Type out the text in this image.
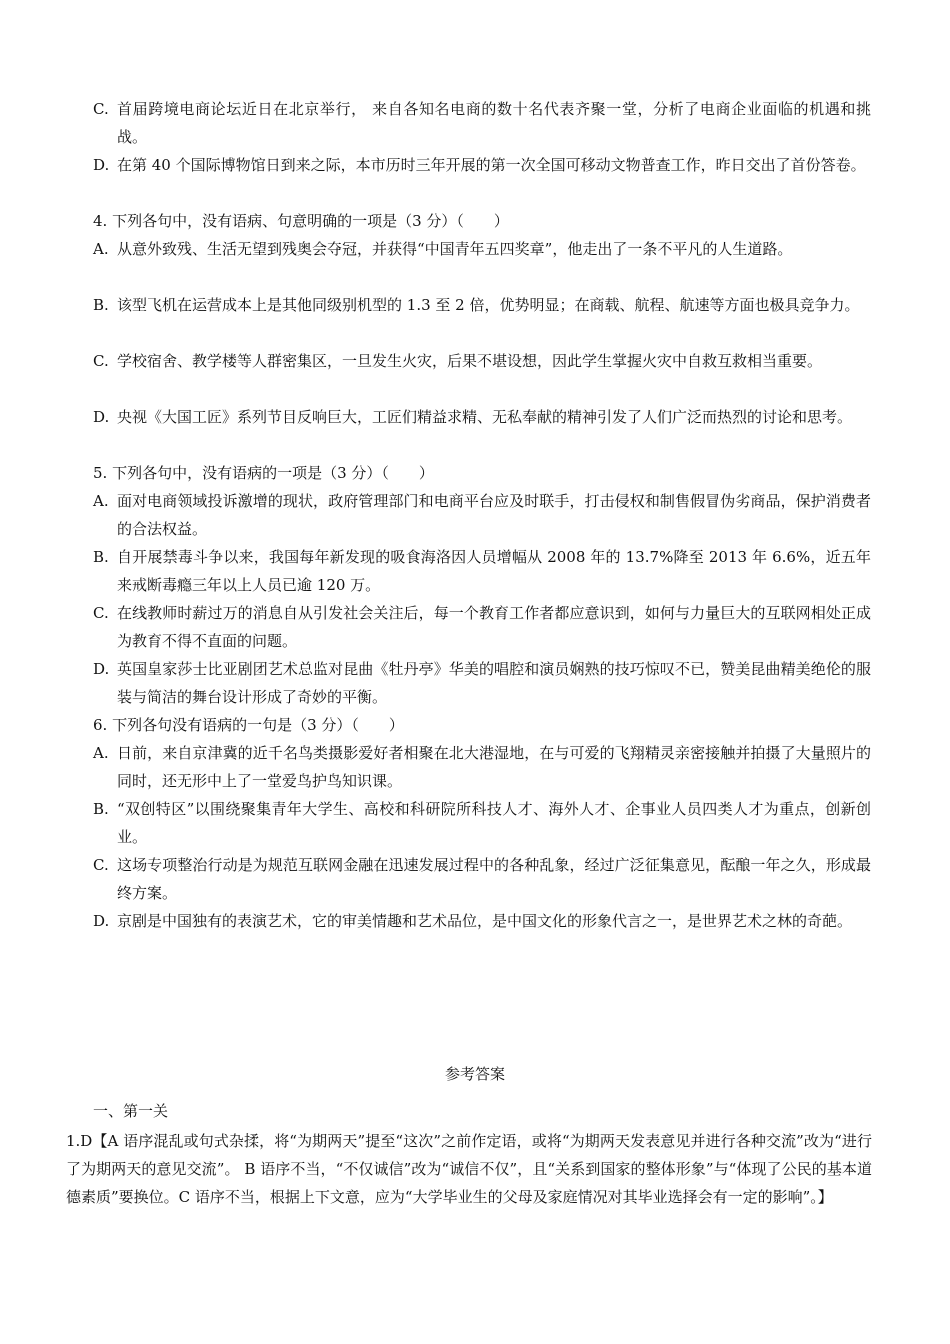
C. 首届跨境电商论坛近日在北京举行， 来自各知名电商的数十名代表齐聚一堂，分析了电商企业面临的机遇和挑战。
D. 在第 40 个国际博物馆日到来之际，本市历时三年开展的第一次全国可移动文物普查工作，昨日交出了首份答卷。
4. 下列各句中，没有语病、句意明确的一项是（3 分）（　　）
A. 从意外致残、生活无望到残奥会夺冠，并获得“中国青年五四奖章”，他走出了一条不平凡的人生道路。
B. 该型飞机在运营成本上是其他同级别机型的 1.3 至 2 倍，优势明显；在商载、航程、航速等方面也极具竞争力。
C. 学校宿舍、教学楼等人群密集区，一旦发生火灾，后果不堪设想，因此学生掌握火灾中自救互救相当重要。
D. 央视《大国工匠》系列节目反响巨大，工匠们精益求精、无私奉献的精神引发了人们广泛而热烈的讨论和思考。
5. 下列各句中，没有语病的一项是（3 分）（　　）
A. 面对电商领域投诉激增的现状，政府管理部门和电商平台应及时联手，打击侵权和制售假冒伪劣商品，保护消费者的合法权益。
B. 自开展禁毒斗争以来，我国每年新发现的吸食海洛因人员增幅从 2008 年的 13.7%降至 2013 年 6.6%，近五年来戒断毒瘾三年以上人员已逾 120 万。
C. 在线教师时薪过万的消息自从引发社会关注后，每一个教育工作者都应意识到，如何与力量巨大的互联网相处正成为教育不得不直面的问题。
D. 英国皇家莎士比亚剧团艺术总监对昆曲《牡丹亭》华美的唱腔和演员娴熟的技巧惊叹不已，赞美昆曲精美绝伦的服装与简洁的舞台设计形成了奇妙的平衡。
6. 下列各句没有语病的一句是（3 分）（　　）
A. 日前，来自京津冀的近千名鸟类摄影爱好者相聚在北大港湿地，在与可爱的飞翔精灵亲密接触并拍摄了大量照片的同时，还无形中上了一堂爱鸟护鸟知识课。
B. “双创特区”以围绕聚集青年大学生、高校和科研院所科技人才、海外人才、企事业人员四类人才为重点，创新创业。
C. 这场专项整治行动是为规范互联网金融在迅速发展过程中的各种乱象，经过广泛征集意见，酝酿一年之久，形成最终方案。
D. 京剧是中国独有的表演艺术，它的审美情趣和艺术品位，是中国文化的形象代言之一，是世界艺术之林的奇葩。
参考答案
一、第一关
1.D【A 语序混乱或句式杂揉，将“为期两天”提至“这次”之前作定语，或将“为期两天发表意见并进行各种交流”改为“进行了为期两天的意见交流”。 B 语序不当，“不仅诚信”改为“诚信不仅”，且“关系到国家的整体形象”与“体现了公民的基本道德素质”要换位。C 语序不当，根据上下文意，应为“大学毕业生的父母及家庭情况对其毕业选择会有一定的影响”。】
